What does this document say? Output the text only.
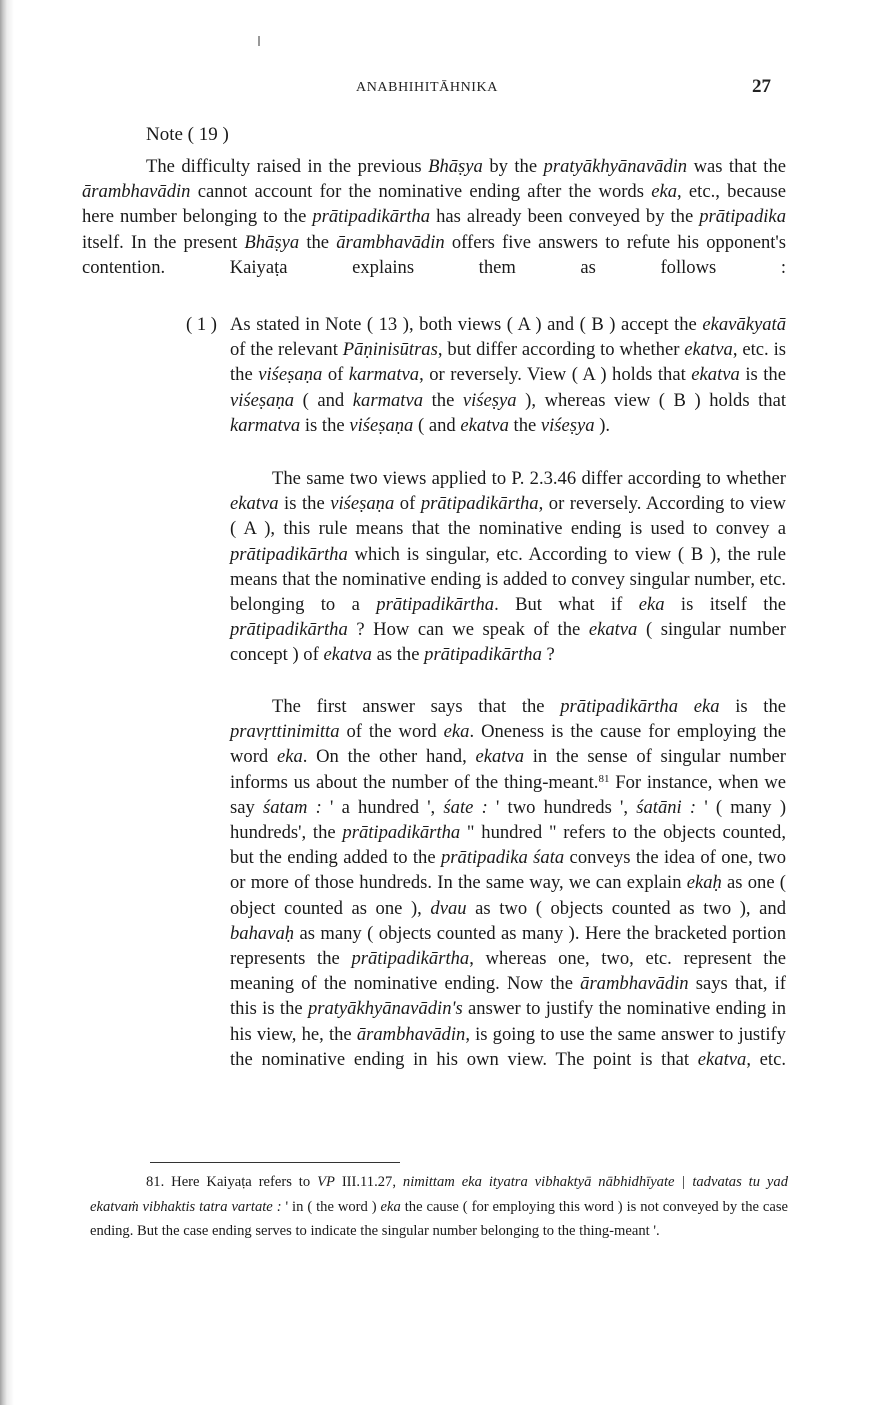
ANABHIHITĀHNIKA	27
Note ( 19 )

The difficulty raised in the previous Bhāṣya by the pratyākhyānavādin was that the ārambhavādin cannot account for the nominative ending after the words eka, etc., because here number belonging to the prātipadikārtha has already been conveyed by the prātipadika itself. In the present Bhāṣya the ārambhavādin offers five answers to refute his opponent's contention. Kaiyaṭa explains them as follows :

( 1 ) As stated in Note ( 13 ), both views ( A ) and ( B ) accept the ekavākyatā of the relevant Pāṇinisūtras, but differ according to whether ekatva, etc. is the viśeṣaṇa of karmatva, or reversely. View ( A ) holds that ekatva is the viśeṣaṇa ( and karmatva the viśeṣya ), whereas view ( B ) holds that karmatva is the viśeṣaṇa ( and ekatva the viśeṣya ).

The same two views applied to P. 2.3.46 differ according to whether ekatva is the viśeṣaṇa of prātipadikārtha, or reversely. According to view ( A ), this rule means that the nominative ending is used to convey a prātipadikārtha which is singular, etc. According to view ( B ), the rule means that the nominative ending is added to convey singular number, etc. belonging to a prātipadikārtha. But what if eka is itself the prātipadikārtha ? How can we speak of the ekatva ( singular number concept ) of ekatva as the prātipadikārtha ?

The first answer says that the prātipadikārtha eka is the pravṛttinimitta of the word eka. Oneness is the cause for employing the word eka. On the other hand, ekatva in the sense of singular number informs us about the number of the thing-meant.$^{81}$ For instance, when we say śatam : ' a hundred ', śate : ' two hundreds ', śatāni : ' ( many ) hundreds', the prātipadikārtha " hundred " refers to the objects counted, but the ending added to the prātipadika śata conveys the idea of one, two or more of those hundreds. In the same way, we can explain ekaḥ as one ( object counted as one ), dvau as two ( objects counted as two ), and bahavaḥ as many ( objects counted as many ). Here the bracketed portion represents the prātipadikārtha, whereas one, two, etc. represent the meaning of the nominative ending. Now the ārambhavādin says that, if this is the pratyākhyānavādin's answer to justify the nominative ending in his view, he, the ārambhavādin, is going to use the same answer to justify the nominative ending in his own view. The point is that ekatva, etc.

81. Here Kaiyaṭa refers to VP III.11.27, nimittam eka ityatra vibhaktyā nābhidhīyate | tadvatas tu yad ekatvaṁ vibhaktis tatra vartate : ' in ( the word ) eka the cause ( for employing this word ) is not conveyed by the case ending. But the case ending serves to indicate the singular number belonging to the thing-meant '.
